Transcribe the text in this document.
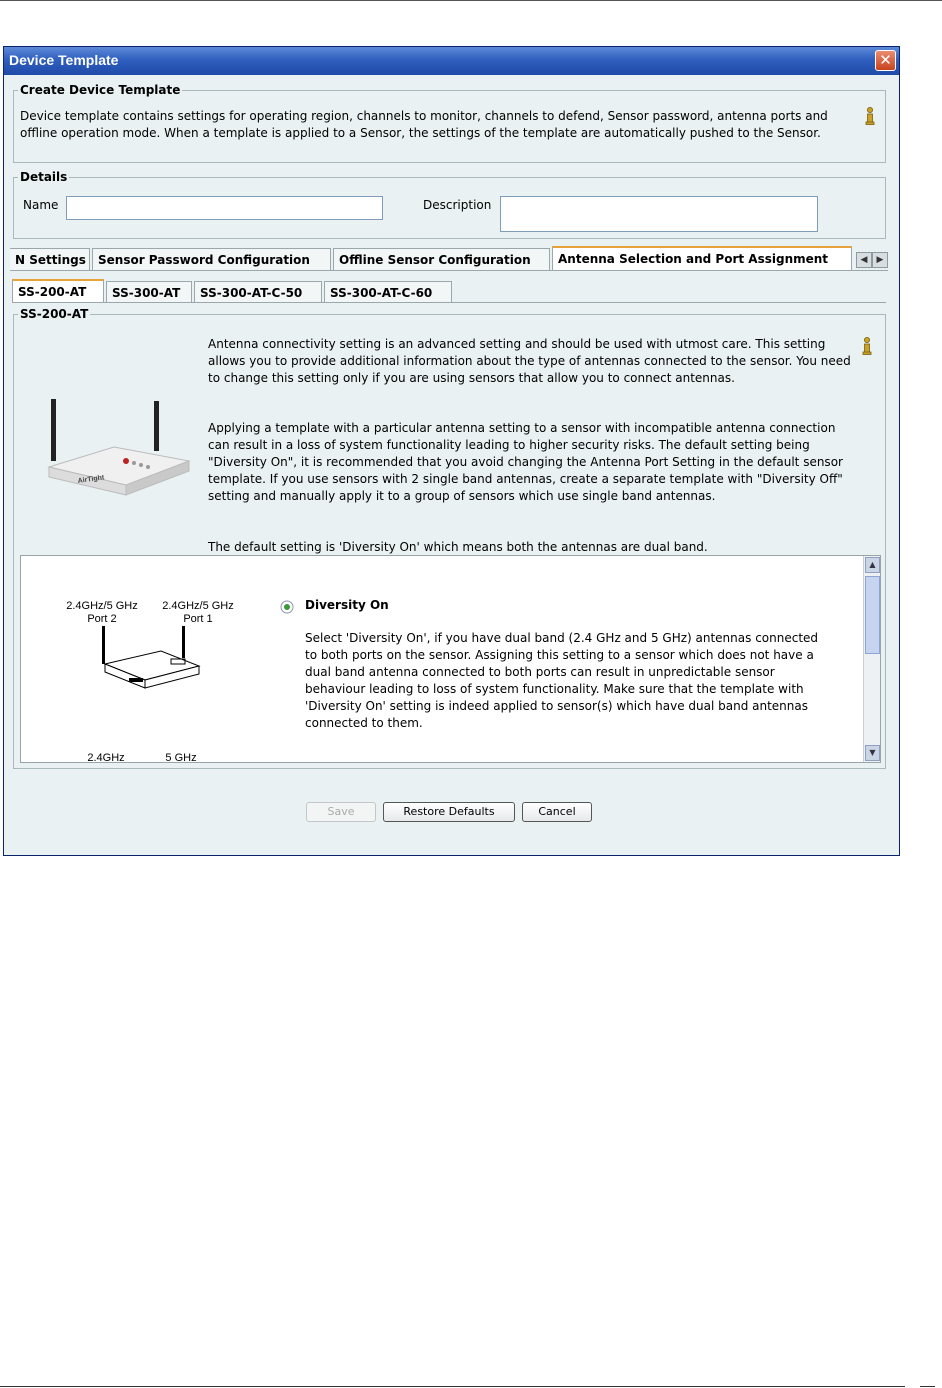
Device Template	✕
Create Device Template
Device template contains settings for operating region, channels to monitor, channels to defend, Sensor password, antenna ports and offline operation mode. When a template is applied to a Sensor, the settings of the template are automatically pushed to the Sensor.
Details
Name	Description
N Settings	Sensor Password Configuration	Offline Sensor Configuration	Antenna Selection and Port Assignment	◀	▶
SS-200-AT	SS-300-AT	SS-300-AT-C-50	SS-300-AT-C-60
SS-200-AT
AirTight
Antenna connectivity setting is an advanced setting and should be used with utmost care. This setting allows you to provide additional information about the type of antennas connected to the sensor. You need to change this setting only if you are using sensors that allow you to connect antennas.
Applying a template with a particular antenna setting to a sensor with incompatible antenna connection can result in a loss of system functionality leading to higher security risks. The default setting being "Diversity On", it is recommended that you avoid changing the Antenna Port Setting in the default sensor template. If you use sensors with 2 single band antennas, create a separate template with "Diversity Off" setting and manually apply it to a group of sensors which use single band antennas.
The default setting is 'Diversity On' which means both the antennas are dual band.
2.4GHz/5 GHz
Port 2
2.4GHz/5 GHz
Port 1
Diversity On
Select 'Diversity On', if you have dual band (2.4 GHz and 5 GHz) antennas connected to both ports on the sensor. Assigning this setting to a sensor which does not have a dual band antenna connected to both ports can result in unpredictable sensor behaviour leading to loss of system functionality. Make sure that the template with 'Diversity On' setting is indeed applied to sensor(s) which have dual band antennas connected to them.
2.4GHz	5 GHz
▲
▼
Save	Restore Defaults	Cancel
